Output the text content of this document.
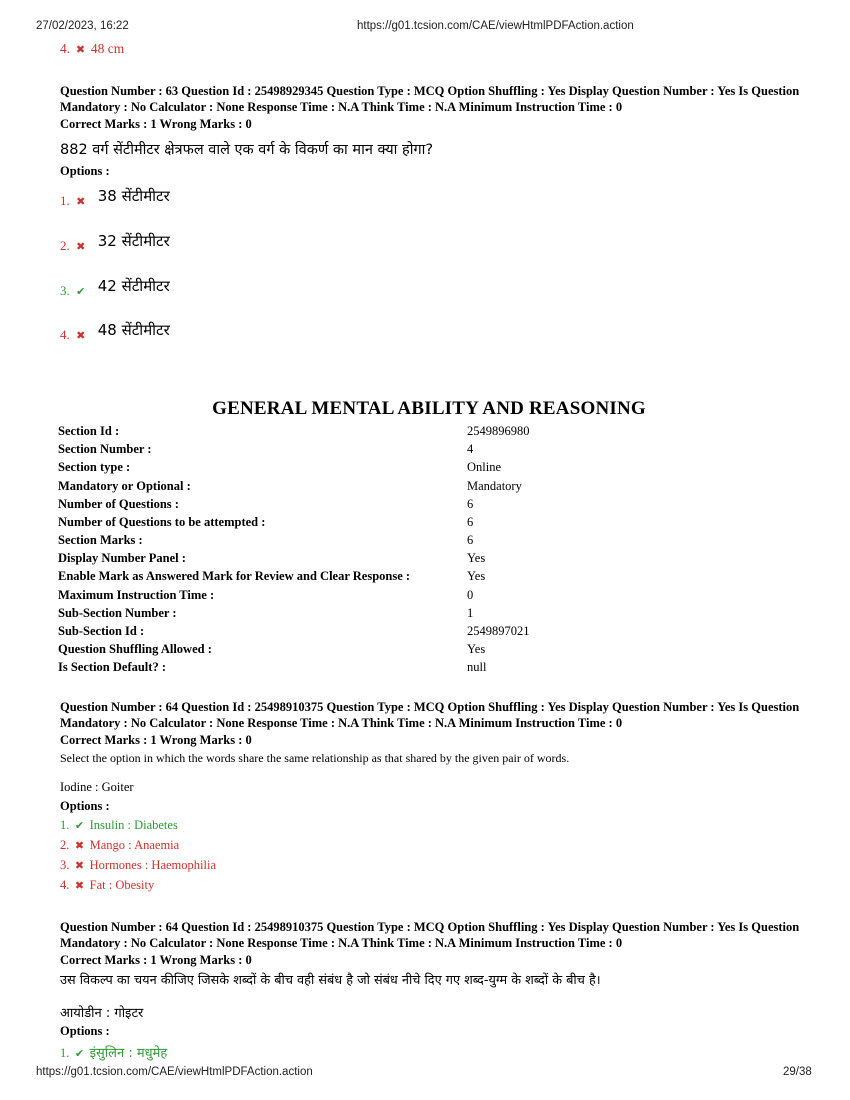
27/02/2023, 16:22	https://g01.tcsion.com/CAE/viewHtmlPDFAction.action
4. ✖ 48 cm
Question Number : 63 Question Id : 25498929345 Question Type : MCQ Option Shuffling : Yes Display Question Number : Yes Is Question Mandatory : No Calculator : None Response Time : N.A Think Time : N.A Minimum Instruction Time : 0
Correct Marks : 1 Wrong Marks : 0
882 वर्ग सेंटीमीटर क्षेत्रफल वाले एक वर्ग के विकर्ण का मान क्या होगा?
Options :
$_{1.}$ ✖ 38 सेंटीमीटर
$_{2.}$ ✖ 32 सेंटीमीटर
$_{3.}$ ✔ 42 सेंटीमीटर
$_{4.}$ ✖ 48 सेंटीमीटर
GENERAL MENTAL ABILITY AND REASONING
Section Id :	2549896980
Section Number :	4
Section type :	Online
Mandatory or Optional :	Mandatory
Number of Questions :	6
Number of Questions to be attempted :	6
Section Marks :	6
Display Number Panel :	Yes
Enable Mark as Answered Mark for Review and Clear Response :	Yes
Maximum Instruction Time :	0
Sub-Section Number :	1
Sub-Section Id :	2549897021
Question Shuffling Allowed :	Yes
Is Section Default? :	null
Question Number : 64 Question Id : 25498910375 Question Type : MCQ Option Shuffling : Yes Display Question Number : Yes Is Question Mandatory : No Calculator : None Response Time : N.A Think Time : N.A Minimum Instruction Time : 0
Correct Marks : 1 Wrong Marks : 0
Select the option in which the words share the same relationship as that shared by the given pair of words.
Iodine : Goiter
Options :
1. ✔ Insulin : Diabetes
2. ✖ Mango : Anaemia
3. ✖ Hormones : Haemophilia
4. ✖ Fat : Obesity
Question Number : 64 Question Id : 25498910375 Question Type : MCQ Option Shuffling : Yes Display Question Number : Yes Is Question Mandatory : No Calculator : None Response Time : N.A Think Time : N.A Minimum Instruction Time : 0
Correct Marks : 1 Wrong Marks : 0
उस विकल्प का चयन कीजिए जिसके शब्दों के बीच वही संबंध है जो संबंध नीचे दिए गए शब्द-युग्म के शब्दों के बीच है।
आयोडीन : गोइटर
Options :
1. ✔ इंसुलिन : मधुमेह
https://g01.tcsion.com/CAE/viewHtmlPDFAction.action	29/38
